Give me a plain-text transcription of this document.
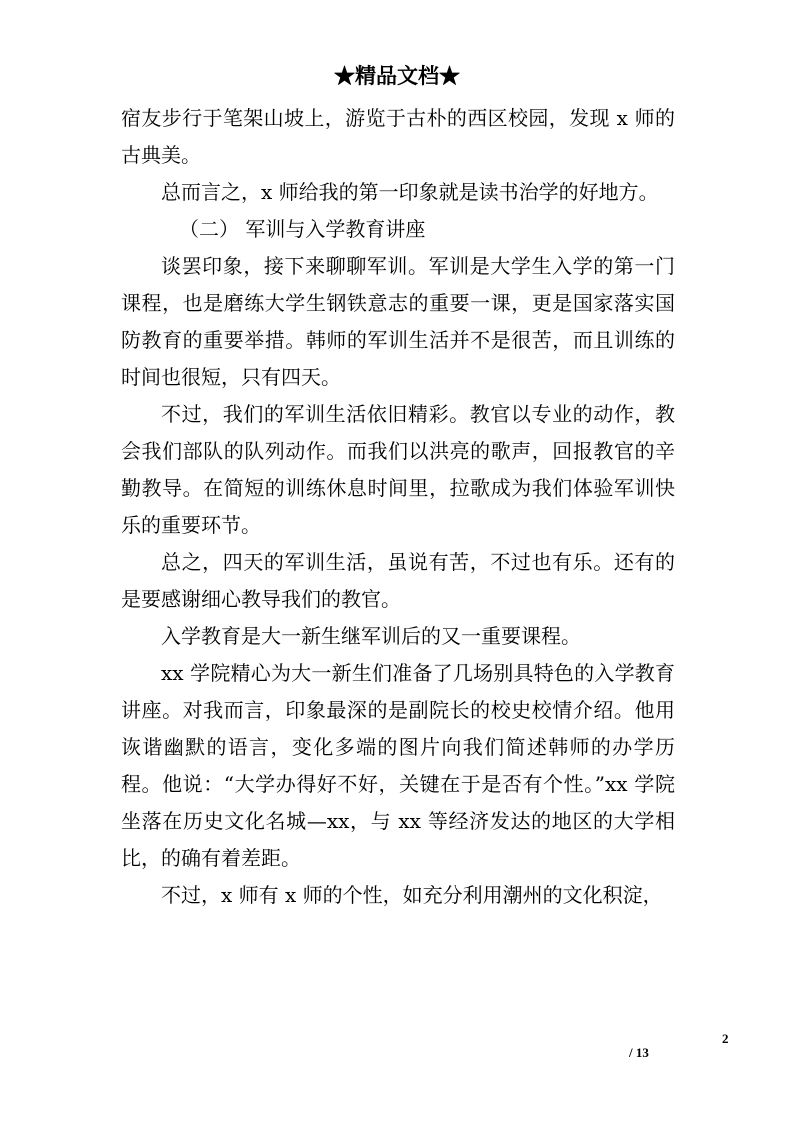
★精品文档★

宿友步行于笔架山坡上，游览于古朴的西区校园，发现 x 师的古典美。

总而言之，x 师给我的第一印象就是读书治学的好地方。

（二） 军训与入学教育讲座

谈罢印象，接下来聊聊军训。军训是大学生入学的第一门课程，也是磨练大学生钢铁意志的重要一课，更是国家落实国防教育的重要举措。韩师的军训生活并不是很苦，而且训练的时间也很短，只有四天。

不过，我们的军训生活依旧精彩。教官以专业的动作，教会我们部队的队列动作。而我们以洪亮的歌声，回报教官的辛勤教导。在简短的训练休息时间里，拉歌成为我们体验军训快乐的重要环节。

总之，四天的军训生活，虽说有苦，不过也有乐。还有的是要感谢细心教导我们的教官。

入学教育是大一新生继军训后的又一重要课程。

xx 学院精心为大一新生们准备了几场别具特色的入学教育讲座。对我而言，印象最深的是副院长的校史校情介绍。他用诙谐幽默的语言，变化多端的图片向我们简述韩师的办学历程。他说：“大学办得好不好，关键在于是否有个性。”xx 学院坐落在历史文化名城—xx，与 xx 等经济发达的地区的大学相比，的确有着差距。

不过，x 师有 x 师的个性，如充分利用潮州的文化积淀，

2
/ 13
